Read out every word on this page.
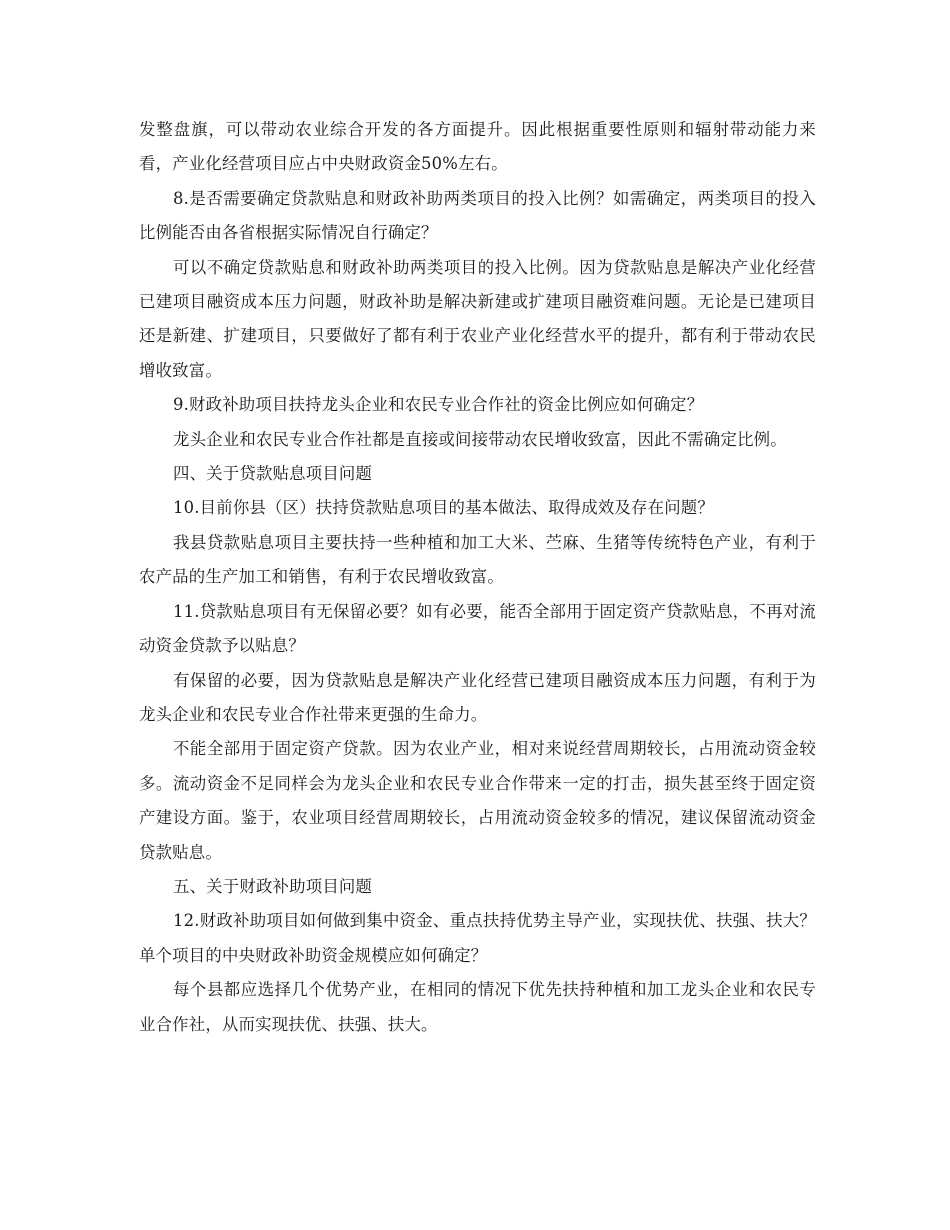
发整盘旗，可以带动农业综合开发的各方面提升。因此根据重要性原则和辐射带动能力来看，产业化经营项目应占中央财政资金50%左右。

8.是否需要确定贷款贴息和财政补助两类项目的投入比例？如需确定，两类项目的投入比例能否由各省根据实际情况自行确定？

可以不确定贷款贴息和财政补助两类项目的投入比例。因为贷款贴息是解决产业化经营已建项目融资成本压力问题，财政补助是解决新建或扩建项目融资难问题。无论是已建项目还是新建、扩建项目，只要做好了都有利于农业产业化经营水平的提升，都有利于带动农民增收致富。

9.财政补助项目扶持龙头企业和农民专业合作社的资金比例应如何确定？

龙头企业和农民专业合作社都是直接或间接带动农民增收致富，因此不需确定比例。

四、关于贷款贴息项目问题

10.目前你县（区）扶持贷款贴息项目的基本做法、取得成效及存在问题？

我县贷款贴息项目主要扶持一些种植和加工大米、苎麻、生猪等传统特色产业，有利于农产品的生产加工和销售，有利于农民增收致富。

11.贷款贴息项目有无保留必要？如有必要，能否全部用于固定资产贷款贴息，不再对流动资金贷款予以贴息？

有保留的必要，因为贷款贴息是解决产业化经营已建项目融资成本压力问题，有利于为龙头企业和农民专业合作社带来更强的生命力。

不能全部用于固定资产贷款。因为农业产业，相对来说经营周期较长，占用流动资金较多。流动资金不足同样会为龙头企业和农民专业合作带来一定的打击，损失甚至终于固定资产建设方面。鉴于，农业项目经营周期较长，占用流动资金较多的情况，建议保留流动资金贷款贴息。

五、关于财政补助项目问题

12.财政补助项目如何做到集中资金、重点扶持优势主导产业，实现扶优、扶强、扶大？单个项目的中央财政补助资金规模应如何确定？

每个县都应选择几个优势产业，在相同的情况下优先扶持种植和加工龙头企业和农民专业合作社，从而实现扶优、扶强、扶大。
